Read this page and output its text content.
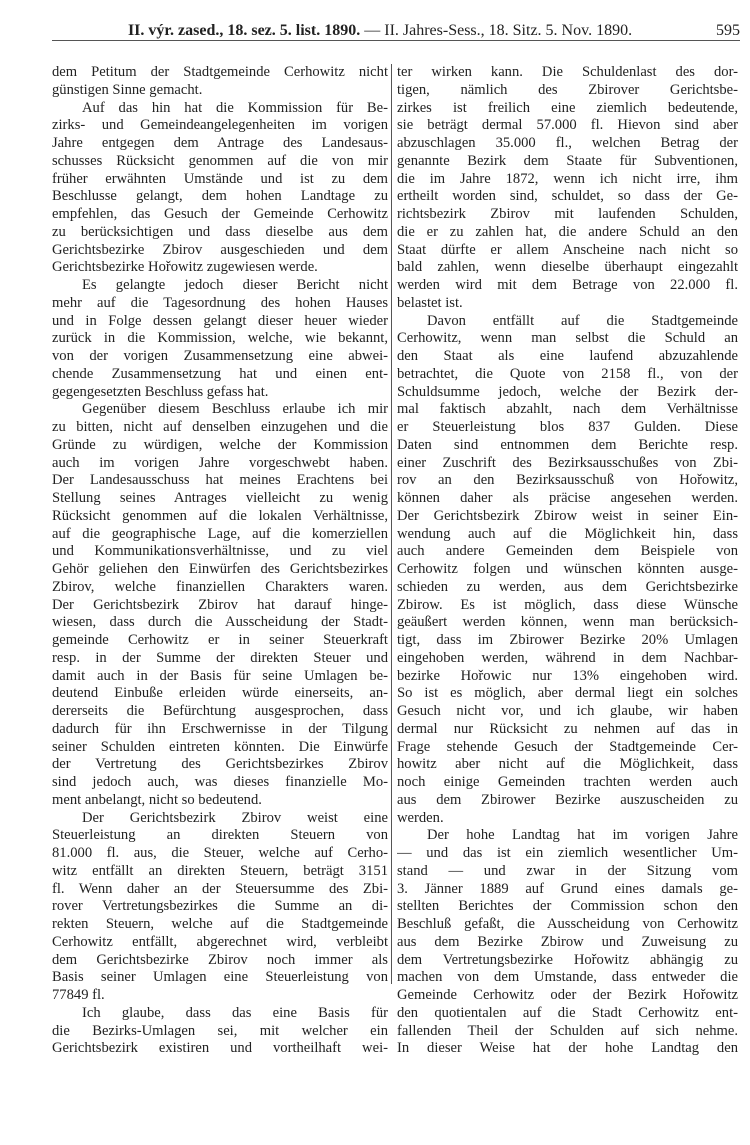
II. výr. zased., 18. sez. 5. list. 1890. — II. Jahres-Sess., 18. Sitz. 5. Nov. 1890.	595
dem Petitum der Stadtgemeinde Cerhowitz nicht
günstigen Sinne gemacht.
Auf das hin hat die Kommission für Be-
zirks- und Gemeindeangelegenheiten im vorigen
Jahre entgegen dem Antrage des Landesaus-
schusses Rücksicht genommen auf die von mir
früher erwähnten Umstände und ist zu dem
Beschlusse gelangt, dem hohen Landtage zu
empfehlen, das Gesuch der Gemeinde Cerhowitz
zu berücksichtigen und dass dieselbe aus dem
Gerichtsbezirke Zbirov ausgeschieden und dem
Gerichtsbezirke Hořowitz zugewiesen werde.
Es gelangte jedoch dieser Bericht nicht
mehr auf die Tagesordnung des hohen Hauses
und in Folge dessen gelangt dieser heuer wieder
zurück in die Kommission, welche, wie bekannt,
von der vorigen Zusammensetzung eine abwei-
chende Zusammensetzung hat und einen ent-
gegengesetzten Beschluss gefass hat.
Gegenüber diesem Beschluss erlaube ich mir
zu bitten, nicht auf denselben einzugehen und die
Gründe zu würdigen, welche der Kommission
auch im vorigen Jahre vorgeschwebt haben.
Der Landesausschuss hat meines Erachtens bei
Stellung seines Antrages vielleicht zu wenig
Rücksicht genommen auf die lokalen Verhältnisse,
auf die geographische Lage, auf die komerziellen
und Kommunikationsverhältnisse, und zu viel
Gehör geliehen den Einwürfen des Gerichtsbezirkes
Zbirov, welche finanziellen Charakters waren.
Der Gerichtsbezirk Zbirov hat darauf hinge-
wiesen, dass durch die Ausscheidung der Stadt-
gemeinde Cerhowitz er in seiner Steuerkraft
resp. in der Summe der direkten Steuer und
damit auch in der Basis für seine Umlagen be-
deutend Einbuße erleiden würde einerseits, an-
dererseits die Befürchtung ausgesprochen, dass
dadurch für ihn Erschwernisse in der Tilgung
seiner Schulden eintreten könnten. Die Einwürfe
der Vertretung des Gerichtsbezirkes Zbirov
sind jedoch auch, was dieses finanzielle Mo-
ment anbelangt, nicht so bedeutend.
Der Gerichtsbezirk Zbirov weist eine
Steuerleistung an direkten Steuern von
81.000 fl. aus, die Steuer, welche auf Cerho-
witz entfällt an direkten Steuern, beträgt 3151
fl. Wenn daher an der Steuersumme des Zbi-
rover Vertretungsbezirkes die Summe an di-
rekten Steuern, welche auf die Stadtgemeinde
Cerhowitz entfällt, abgerechnet wird, verbleibt
dem Gerichtsbezirke Zbirov noch immer als
Basis seiner Umlagen eine Steuerleistung von
77849 fl.
Ich glaube, dass das eine Basis für
die Bezirks-Umlagen sei, mit welcher ein
Gerichtsbezirk existiren und vortheilhaft wei-
ter wirken kann. Die Schuldenlast des dor-
tigen, nämlich des Zbirover Gerichtsbe-
zirkes ist freilich eine ziemlich bedeutende,
sie beträgt dermal 57.000 fl. Hievon sind aber
abzuschlagen 35.000 fl., welchen Betrag der
genannte Bezirk dem Staate für Subventionen,
die im Jahre 1872, wenn ich nicht irre, ihm
ertheilt worden sind, schuldet, so dass der Ge-
richtsbezirk Zbirov mit laufenden Schulden,
die er zu zahlen hat, die andere Schuld an den
Staat dürfte er allem Anscheine nach nicht so
bald zahlen, wenn dieselbe überhaupt eingezahlt
werden wird mit dem Betrage von 22.000 fl.
belastet ist.
Davon entfällt auf die Stadtgemeinde
Cerhowitz, wenn man selbst die Schuld an
den Staat als eine laufend abzuzahlende
betrachtet, die Quote von 2158 fl., von der
Schuldsumme jedoch, welche der Bezirk der-
mal faktisch abzahlt, nach dem Verhältnisse
er Steuerleistung blos 837 Gulden. Diese
Daten sind entnommen dem Berichte resp.
einer Zuschrift des Bezirksausschußes von Zbi-
rov an den Bezirksausschuß von Hořowitz,
können daher als präcise angesehen werden.
Der Gerichtsbezirk Zbirow weist in seiner Ein-
wendung auch auf die Möglichkeit hin, dass
auch andere Gemeinden dem Beispiele von
Cerhowitz folgen und wünschen könnten ausge-
schieden zu werden, aus dem Gerichtsbezirke
Zbirow. Es ist möglich, dass diese Wünsche
geäußert werden können, wenn man berücksich-
tigt, dass im Zbirower Bezirke 20% Umlagen
eingehoben werden, während in dem Nachbar-
bezirke Hořowic nur 13% eingehoben wird.
So ist es möglich, aber dermal liegt ein solches
Gesuch nicht vor, und ich glaube, wir haben
dermal nur Rücksicht zu nehmen auf das in
Frage stehende Gesuch der Stadtgemeinde Cer-
howitz aber nicht auf die Möglichkeit, dass
noch einige Gemeinden trachten werden auch
aus dem Zbirower Bezirke auszuscheiden zu
werden.
Der hohe Landtag hat im vorigen Jahre
— und das ist ein ziemlich wesentlicher Um-
stand — und zwar in der Sitzung vom
3. Jänner 1889 auf Grund eines damals ge-
stellten Berichtes der Commission schon den
Beschluß gefaßt, die Ausscheidung von Cerhowitz
aus dem Bezirke Zbirow und Zuweisung zu
dem Vertretungsbezirke Hořowitz abhängig zu
machen von dem Umstande, dass entweder die
Gemeinde Cerhowitz oder der Bezirk Hořowitz
den quotientalen auf die Stadt Cerhowitz ent-
fallenden Theil der Schulden auf sich nehme.
In dieser Weise hat der hohe Landtag den
